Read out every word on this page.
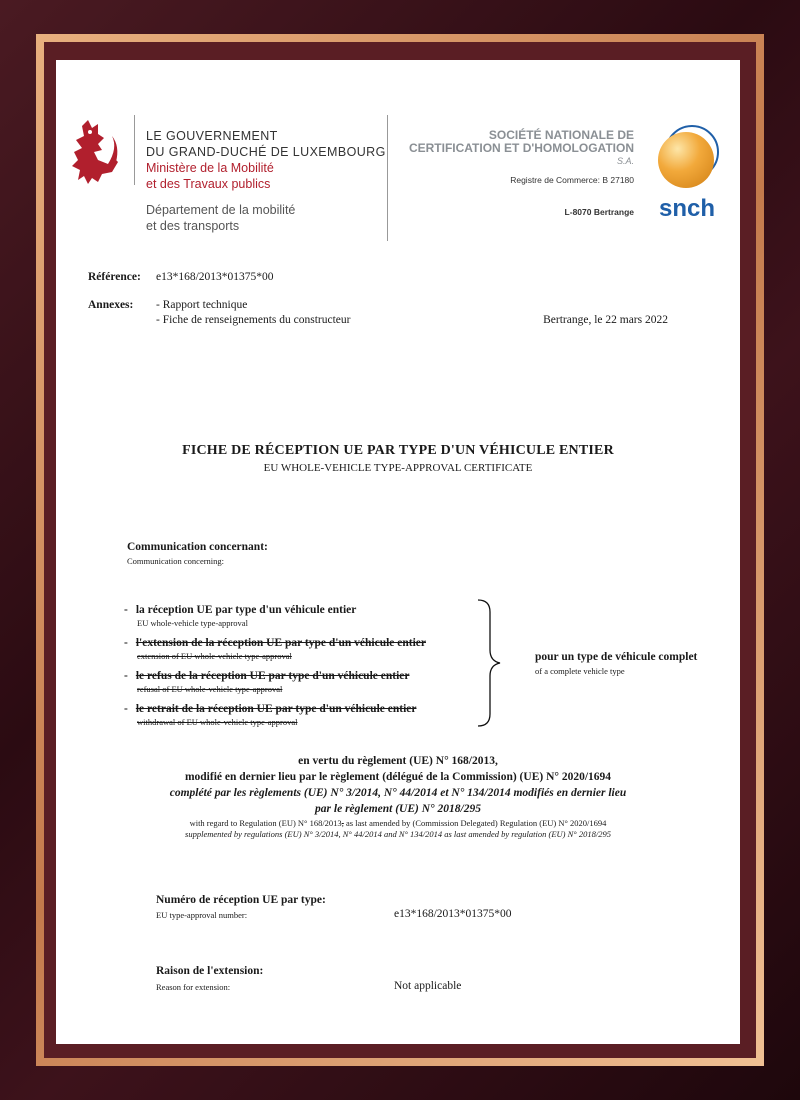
LE GOUVERNEMENT
DU GRAND-DUCHÉ DE LUXEMBOURG
Ministère de la Mobilité
et des Travaux publics
Département de la mobilité
et des transports
SOCIÉTÉ NATIONALE DE
CERTIFICATION ET D'HOMOLOGATION
S.A.
Registre de Commerce: B 27180
L-8070 Bertrange snch
Référence: e13*168/2013*01375*00
Annexes: - Rapport technique
- Fiche de renseignements du constructeur	Bertrange, le 22 mars 2022
FICHE DE RÉCEPTION UE PAR TYPE D'UN VÉHICULE ENTIER
EU WHOLE-VEHICLE TYPE-APPROVAL CERTIFICATE
Communication concernant:
Communication concerning:
- la réception UE par type d'un véhicule entier
EU whole-vehicle type-approval
- l'extension de la réception UE par type d'un véhicule entier
extension of EU whole-vehicle type-approval
- le refus de la réception UE par type d'un véhicule entier
refusal of EU whole-vehicle type-approval
- le retrait de la réception UE par type d'un véhicule entier
withdrawal of EU whole-vehicle type-approval
pour un type de véhicule complet
of a complete vehicle type
en vertu du règlement (UE) N° 168/2013,
modifié en dernier lieu par le règlement (délégué de la Commission) (UE) N° 2020/1694
complété par les règlements (UE) N° 3/2014, N° 44/2014 et N° 134/2014 modifiés en dernier lieu
par le règlement (UE) N° 2018/295
with regard to Regulation (EU) N° 168/2013, as last amended by (Commission Delegated) Regulation (EU) N° 2020/1694
supplemented by regulations (EU) N° 3/2014, N° 44/2014 and N° 134/2014 as last amended by regulation (EU) N° 2018/295
Numéro de réception UE par type:
EU type-approval number:	e13*168/2013*01375*00
Raison de l'extension:
Reason for extension:	Not applicable
